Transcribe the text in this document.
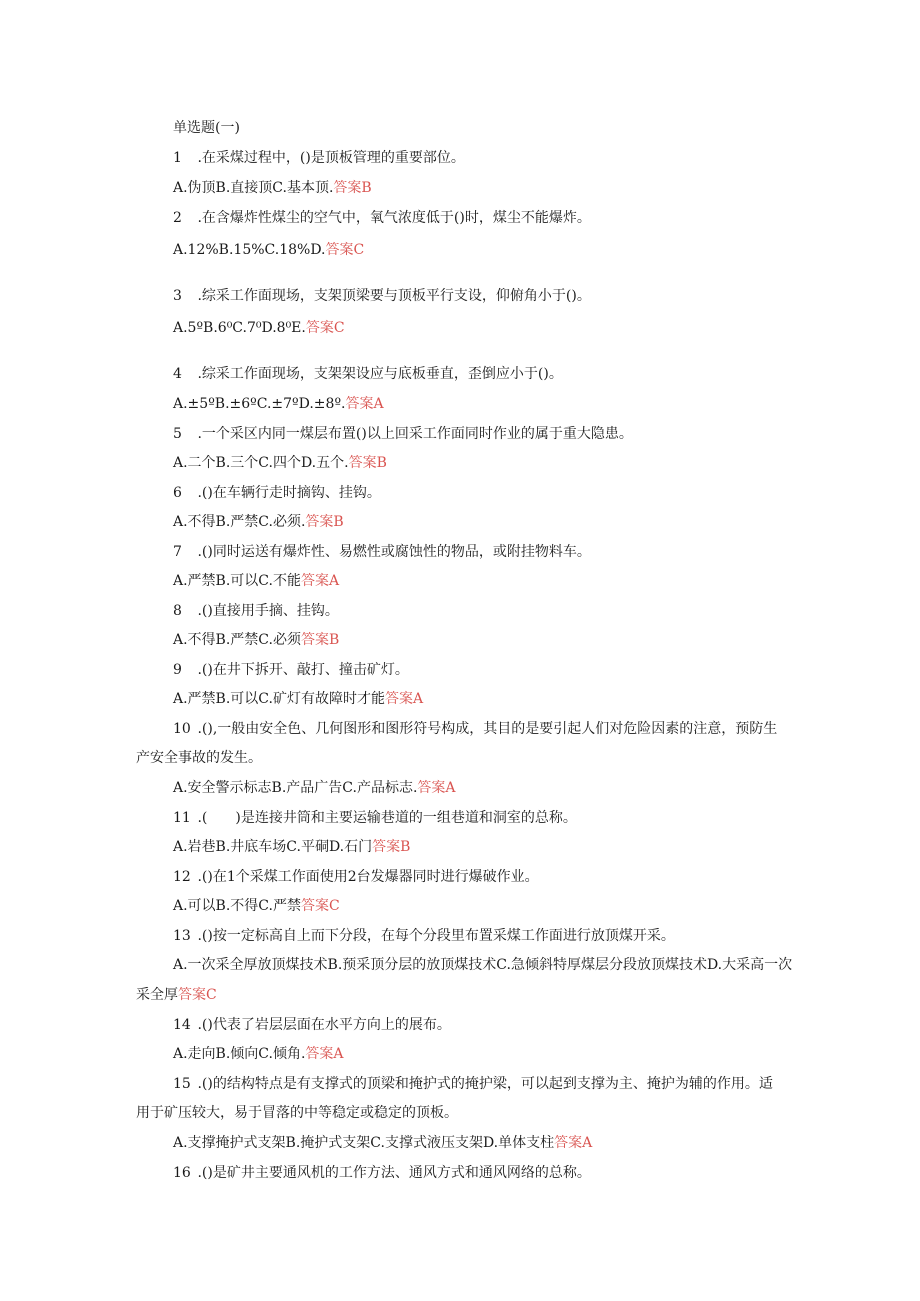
单选题(一)
1 .在采煤过程中，()是顶板管理的重要部位。
A.伪顶B.直接顶C.基本顶.答案B
2 .在含爆炸性煤尘的空气中，氧气浓度低于()时，煤尘不能爆炸。
A.12%B.15%C.18%D.答案C
3 .综采工作面现场，支架顶梁要与顶板平行支设，仰俯角小于()。
A.5ºB.6⁰C.7⁰D.8⁰E.答案C
4 .综采工作面现场，支架架设应与底板垂直，歪倒应小于()。
A.±5ºB.±6ºC.±7ºD.±8º.答案A
5 .一个采区内同一煤层布置()以上回采工作面同时作业的属于重大隐患。
A.二个B.三个C.四个D.五个.答案B
6 .()在车辆行走时摘钩、挂钩。
A.不得B.严禁C.必须.答案B
7 .()同时运送有爆炸性、易燃性或腐蚀性的物品，或附挂物料车。
A.严禁B.可以C.不能答案A
8 .()直接用手摘、挂钩。
A.不得B.严禁C.必须答案B
9 .()在井下拆开、敲打、撞击矿灯。
A.严禁B.可以C.矿灯有故障时才能答案A
10 .(),一般由安全色、几何图形和图形符号构成，其目的是要引起人们对危险因素的注意，预防生
产安全事故的发生。
A.安全警示标志B.产品广告C.产品标志.答案A
11 .(　　)是连接井筒和主要运输巷道的一组巷道和洞室的总称。
A.岩巷B.井底车场C.平硐D.石门答案B
12 .()在1个采煤工作面使用2台发爆器同时进行爆破作业。
A.可以B.不得C.严禁答案C
13 .()按一定标高自上而下分段，在每个分段里布置采煤工作面进行放顶煤开采。
A.一次采全厚放顶煤技术B.预采顶分层的放顶煤技术C.急倾斜特厚煤层分段放顶煤技术D.大采高一次
采全厚答案C
14 .()代表了岩层层面在水平方向上的展布。
A.走向B.倾向C.倾角.答案A
15 .()的结构特点是有支撑式的顶梁和掩护式的掩护梁，可以起到支撑为主、掩护为辅的作用。适
用于矿压较大，易于冒落的中等稳定或稳定的顶板。
A.支撑掩护式支架B.掩护式支架C.支撑式液压支架D.单体支柱答案A
16 .()是矿井主要通风机的工作方法、通风方式和通风网络的总称。
